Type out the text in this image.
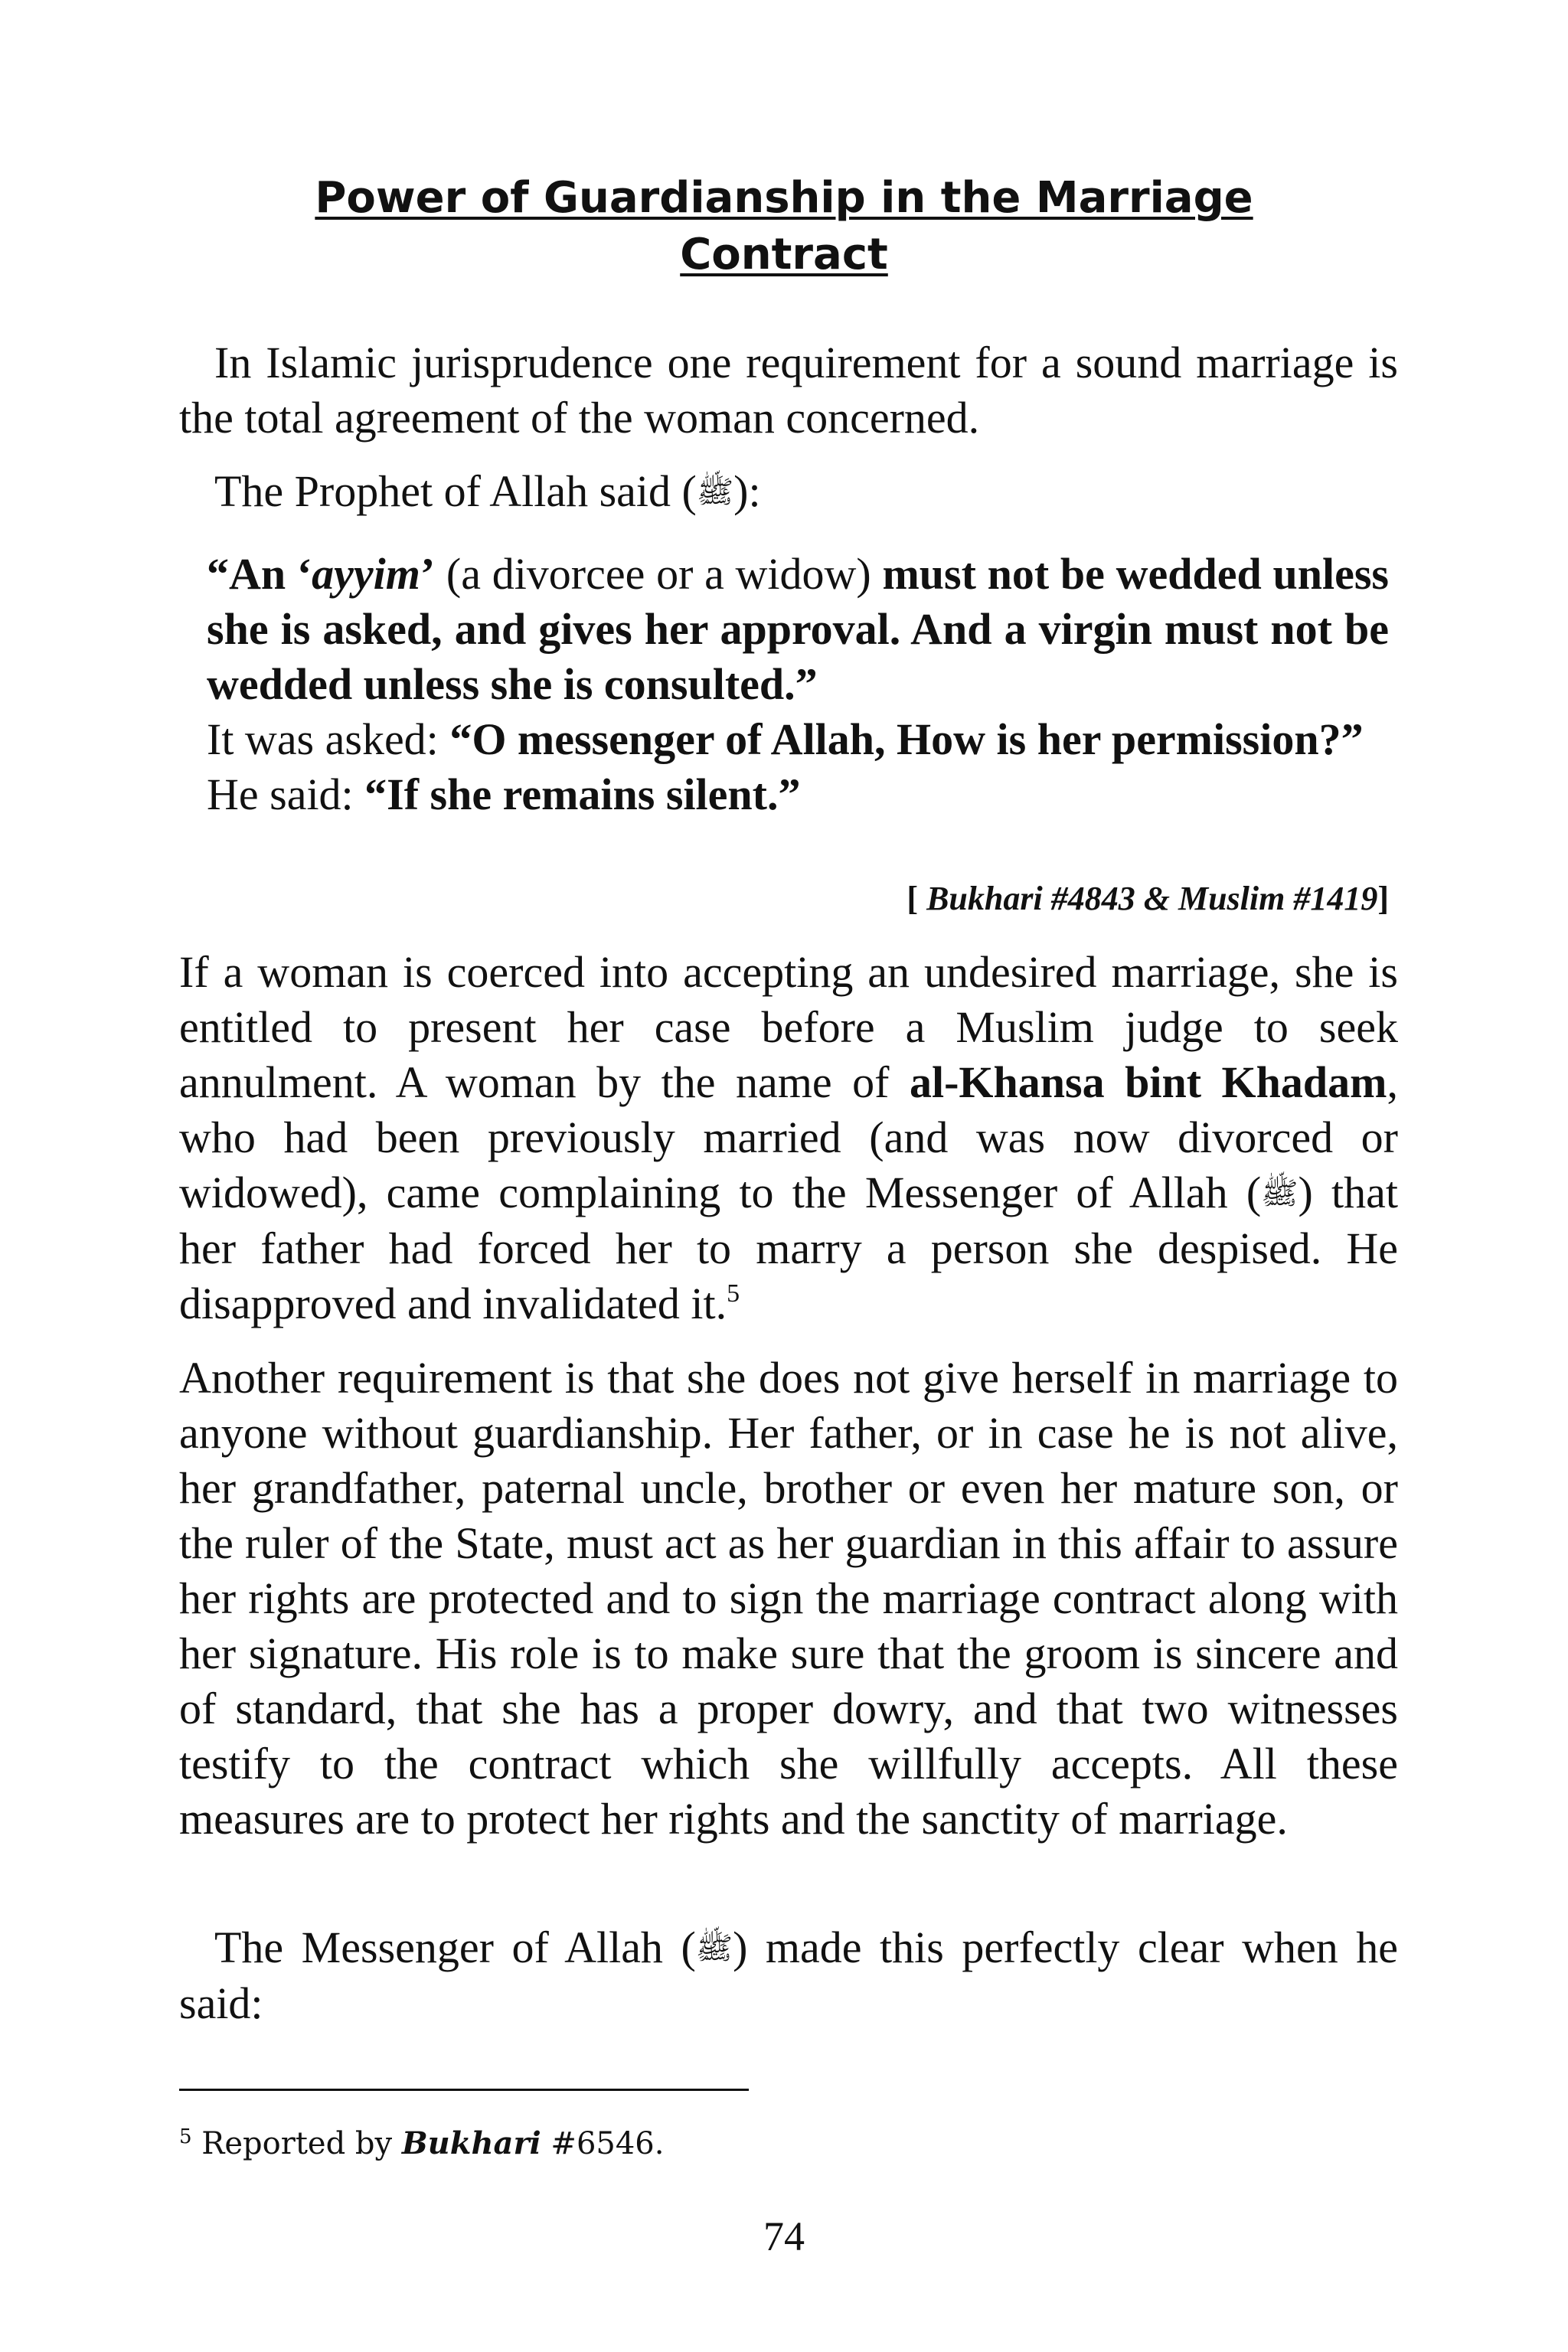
Power of Guardianship in the Marriage
Contract

In Islamic jurisprudence one requirement for a sound marriage is the total agreement of the woman concerned.

The Prophet of Allah said (ﷺ):

“An ‘ayyim’ (a divorcee or a widow) must not be wedded unless she is asked, and gives her approval. And a virgin must not be wedded unless she is consulted.”

It was asked: “O messenger of Allah, How is her permission?”

He said: “If she remains silent.”

[ Bukhari #4843 & Muslim #1419]

If a woman is coerced into accepting an undesired marriage, she is entitled to present her case before a Muslim judge to seek annulment. A woman by the name of al-Khansa bint Khadam, who had been previously married (and was now divorced or widowed), came complaining to the Messenger of Allah (ﷺ) that her father had forced her to marry a person she despised. He disapproved and invalidated it.$^5$

Another requirement is that she does not give herself in marriage to anyone without guardianship. Her father, or in case he is not alive, her grandfather, paternal uncle, brother or even her mature son, or the ruler of the State, must act as her guardian in this affair to assure her rights are protected and to sign the marriage contract along with her signature. His role is to make sure that the groom is sincere and of standard, that she has a proper dowry, and that two witnesses testify to the contract which she willfully accepts. All these measures are to protect her rights and the sanctity of marriage.

The Messenger of Allah (ﷺ) made this perfectly clear when he said:

$^5$ Reported by Bukhari #6546.
74
